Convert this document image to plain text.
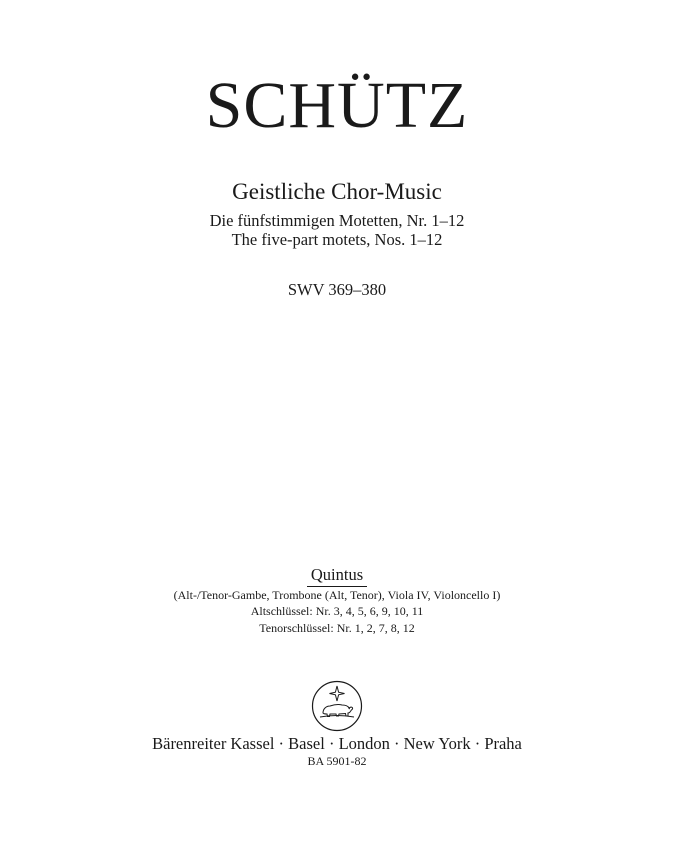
SCHÜTZ
Geistliche Chor-Music
Die fünfstimmigen Motetten, Nr. 1–12
The five-part motets, Nos. 1–12
SWV 369–380
Quintus
(Alt-/Tenor-Gambe, Trombone (Alt, Tenor), Viola IV, Violoncello I)
Altschlüssel: Nr. 3, 4, 5, 6, 9, 10, 11
Tenorschlüssel: Nr. 1, 2, 7, 8, 12
Bärenreiter Kassel · Basel · London · New York · Praha
BA 5901-82
